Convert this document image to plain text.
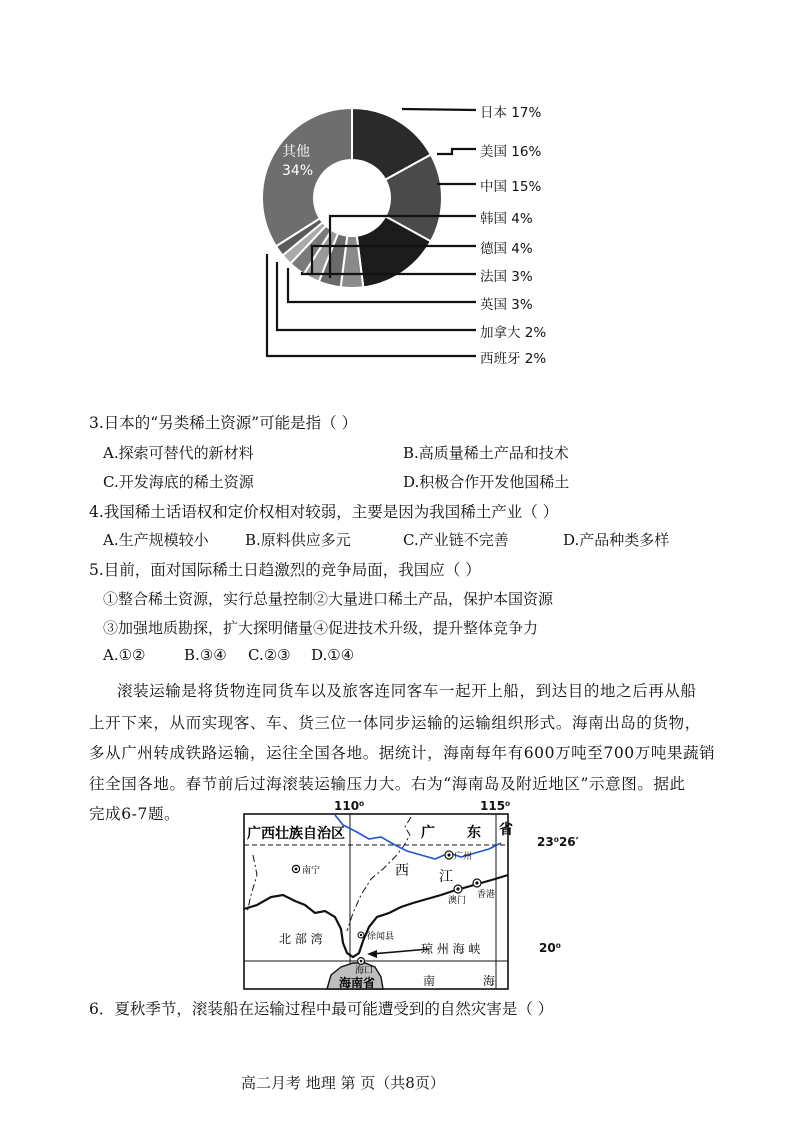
其他
34%
日本 17%
美国 16%
中国 15%
韩国 4%
德国 4%
法国 3%
英国 3%
加拿大 2%
西班牙 2%
3.日本的“另类稀土资源”可能是指（ ）
A.探索可替代的新材料	B.高质量稀土产品和技术
C.开发海底的稀土资源	D.积极合作开发他国稀土
4.我国稀土话语权和定价权相对较弱，主要是因为我国稀土产业（ ）
A.生产规模较小 B.原料供应多元	C.产业链不完善	D.产品种类多样
5.目前，面对国际稀土日趋激烈的竞争局面，我国应（ ）
①整合稀土资源，实行总量控制②大量进口稀土产品，保护本国资源
③加强地质勘探，扩大探明储量④促进技术升级，提升整体竞争力
A.①②	B.③④ C.②③ D.①④
滚装运输是将货物连同货车以及旅客连同客车一起开上船，到达目的地之后再从船
上开下来，从而实现客、车、货三位一体同步运输的运输组织形式。海南出岛的货物，
多从广州转成铁路运输，运往全国各地。据统计，海南每年有600万吨至700万吨果蔬销
往全国各地。春节前后过海滚装运输压力大。右为“海南岛及附近地区”示意图。据此
完成6-7题。	110⁰	115⁰
广西壮族自治区	广 东 省
南宁
广州
西 江
澳门
香港
北 部 湾	徐闻县
琼 州 海 峡
海口
海南省	南	海
23⁰26′
20⁰
6．夏秋季节，滚装船在运输过程中最可能遭受到的自然灾害是（ ）
高二月考 地理 第 页（共8页）
